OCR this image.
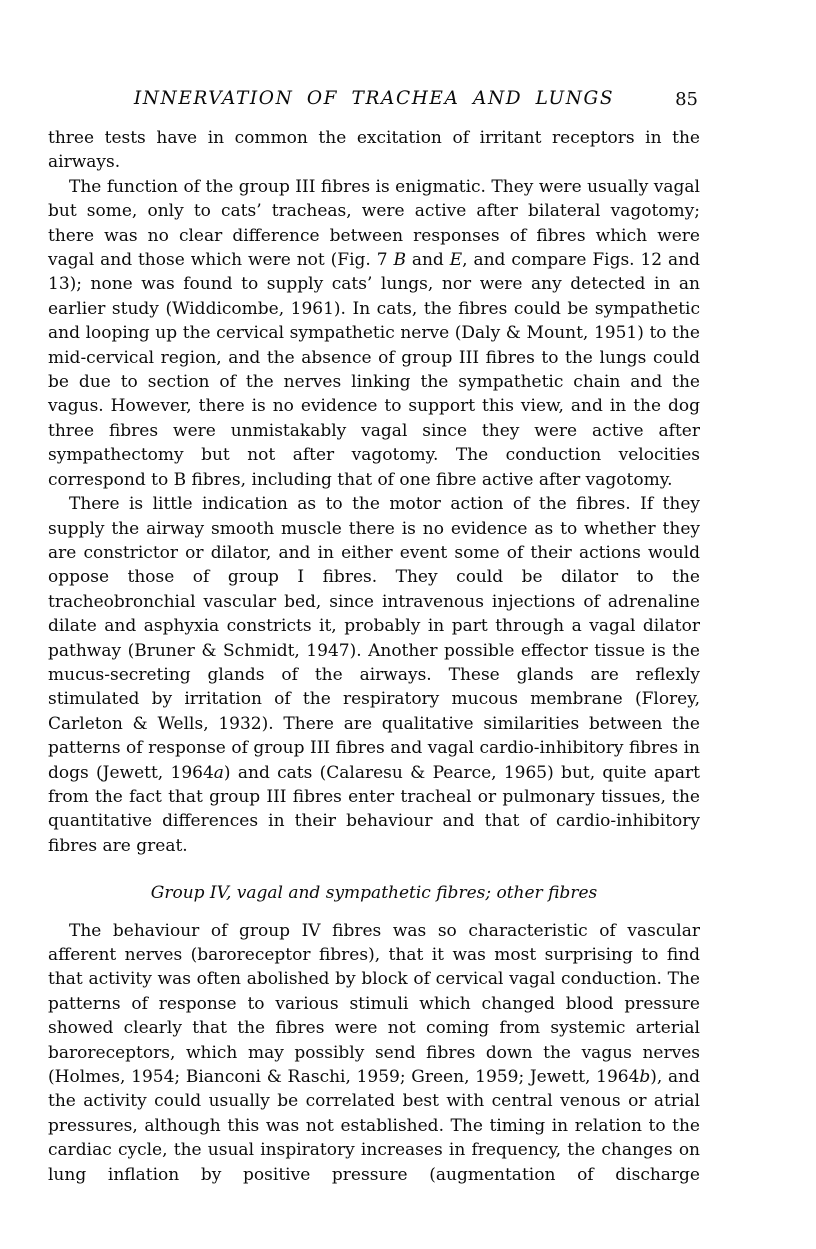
INNERVATION OF TRACHEA AND LUNGS	85

three tests have in common the excitation of irritant receptors in the airways.

The function of the group III fibres is enigmatic. They were usually vagal but some, only to cats’ tracheas, were active after bilateral vagotomy; there was no clear difference between responses of fibres which were vagal and those which were not (Fig. 7 B and E, and compare Figs. 12 and 13); none was found to supply cats’ lungs, nor were any detected in an earlier study (Widdicombe, 1961). In cats, the fibres could be sympathetic and looping up the cervical sympathetic nerve (Daly & Mount, 1951) to the mid-cervical region, and the absence of group III fibres to the lungs could be due to section of the nerves linking the sympathetic chain and the vagus. However, there is no evidence to support this view, and in the dog three fibres were unmistakably vagal since they were active after sympathectomy but not after vagotomy. The conduction velocities correspond to B fibres, including that of one fibre active after vagotomy.

There is little indication as to the motor action of the fibres. If they supply the airway smooth muscle there is no evidence as to whether they are constrictor or dilator, and in either event some of their actions would oppose those of group I fibres. They could be dilator to the tracheobronchial vascular bed, since intravenous injections of adrenaline dilate and asphyxia constricts it, probably in part through a vagal dilator pathway (Bruner & Schmidt, 1947). Another possible effector tissue is the mucus-secreting glands of the airways. These glands are reflexly stimulated by irritation of the respiratory mucous membrane (Florey, Carleton & Wells, 1932). There are qualitative similarities between the patterns of response of group III fibres and vagal cardio-inhibitory fibres in dogs (Jewett, 1964a) and cats (Calaresu & Pearce, 1965) but, quite apart from the fact that group III fibres enter tracheal or pulmonary tissues, the quantitative differences in their behaviour and that of cardio-inhibitory fibres are great.

Group IV, vagal and sympathetic fibres; other fibres

The behaviour of group IV fibres was so characteristic of vascular afferent nerves (baroreceptor fibres), that it was most surprising to find that activity was often abolished by block of cervical vagal conduction. The patterns of response to various stimuli which changed blood pressure showed clearly that the fibres were not coming from systemic arterial baroreceptors, which may possibly send fibres down the vagus nerves (Holmes, 1954; Bianconi & Raschi, 1959; Green, 1959; Jewett, 1964b), and the activity could usually be correlated best with central venous or atrial pressures, although this was not established. The timing in relation to the cardiac cycle, the usual inspiratory increases in frequency, the changes on lung inflation by positive pressure (augmentation of discharge
